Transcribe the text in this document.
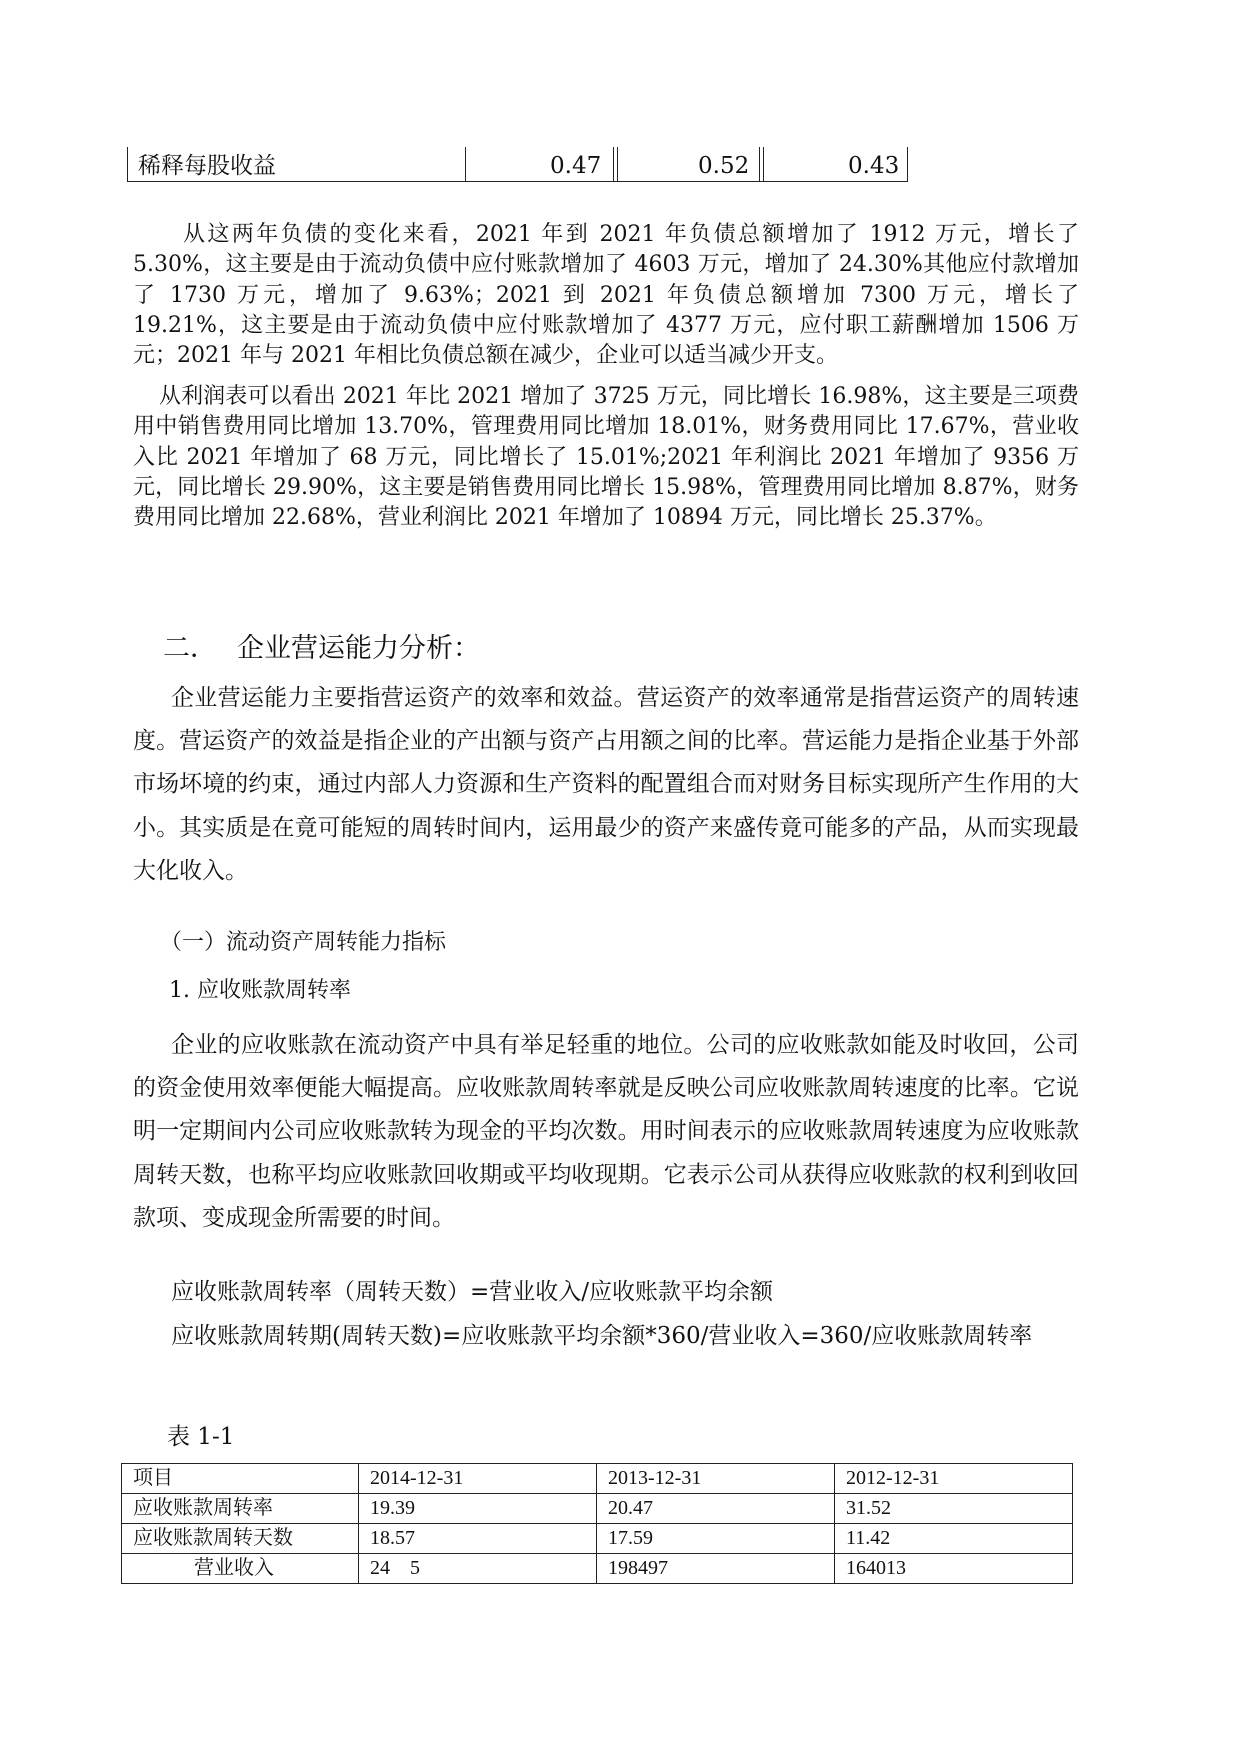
稀释每股收益	0.47	0.52	0.43

从这两年负债的变化来看，2021 年到 2021 年负债总额增加了 1912 万元，增长了 5.30%，这主要是由于流动负债中应付账款增加了 4603 万元，增加了 24.30%其他应付款增加了 1730 万元，增加了 9.63%；2021 到 2021 年负债总额增加 7300 万元，增长了 19.21%，这主要是由于流动负债中应付账款增加了 4377 万元，应付职工薪酬增加 1506 万元；2021 年与 2021 年相比负债总额在减少，企业可以适当减少开支。

从利润表可以看出 2021 年比 2021 增加了 3725 万元，同比增长 16.98%，这主要是三项费用中销售费用同比增加 13.70%，管理费用同比增加 18.01%，财务费用同比 17.67%，营业收入比 2021 年增加了 68 万元，同比增长了 15.01%;2021 年利润比 2021 年增加了 9356 万元，同比增长 29.90%，这主要是销售费用同比增长 15.98%，管理费用同比增加 8.87%，财务费用同比增加 22.68%，营业利润比 2021 年增加了 10894 万元，同比增长 25.37%。

二． 企业营运能力分析：

企业营运能力主要指营运资产的效率和效益。营运资产的效率通常是指营运资产的周转速度。营运资产的效益是指企业的产出额与资产占用额之间的比率。营运能力是指企业基于外部市场坏境的约束，通过内部人力资源和生产资料的配置组合而对财务目标实现所产生作用的大小。其实质是在竟可能短的周转时间内，运用最少的资产来盛传竟可能多的产品，从而实现最大化收入。

（一）流动资产周转能力指标
1. 应收账款周转率

企业的应收账款在流动资产中具有举足轻重的地位。公司的应收账款如能及时收回，公司的资金使用效率便能大幅提高。应收账款周转率就是反映公司应收账款周转速度的比率。它说明一定期间内公司应收账款转为现金的平均次数。用时间表示的应收账款周转速度为应收账款周转天数，也称平均应收账款回收期或平均收现期。它表示公司从获得应收账款的权利到收回款项、变成现金所需要的时间。

应收账款周转率（周转天数）=营业收入/应收账款平均余额

应收账款周转期(周转天数)=应收账款平均余额*360/营业收入=360/应收账款周转率

表 1-1
项目	2014-12-31	2013-12-31	2012-12-31
应收账款周转率	19.39	20.47	31.52
应收账款周转天数	18.57	17.59	11.42
营业收入	24　5	198497	164013
